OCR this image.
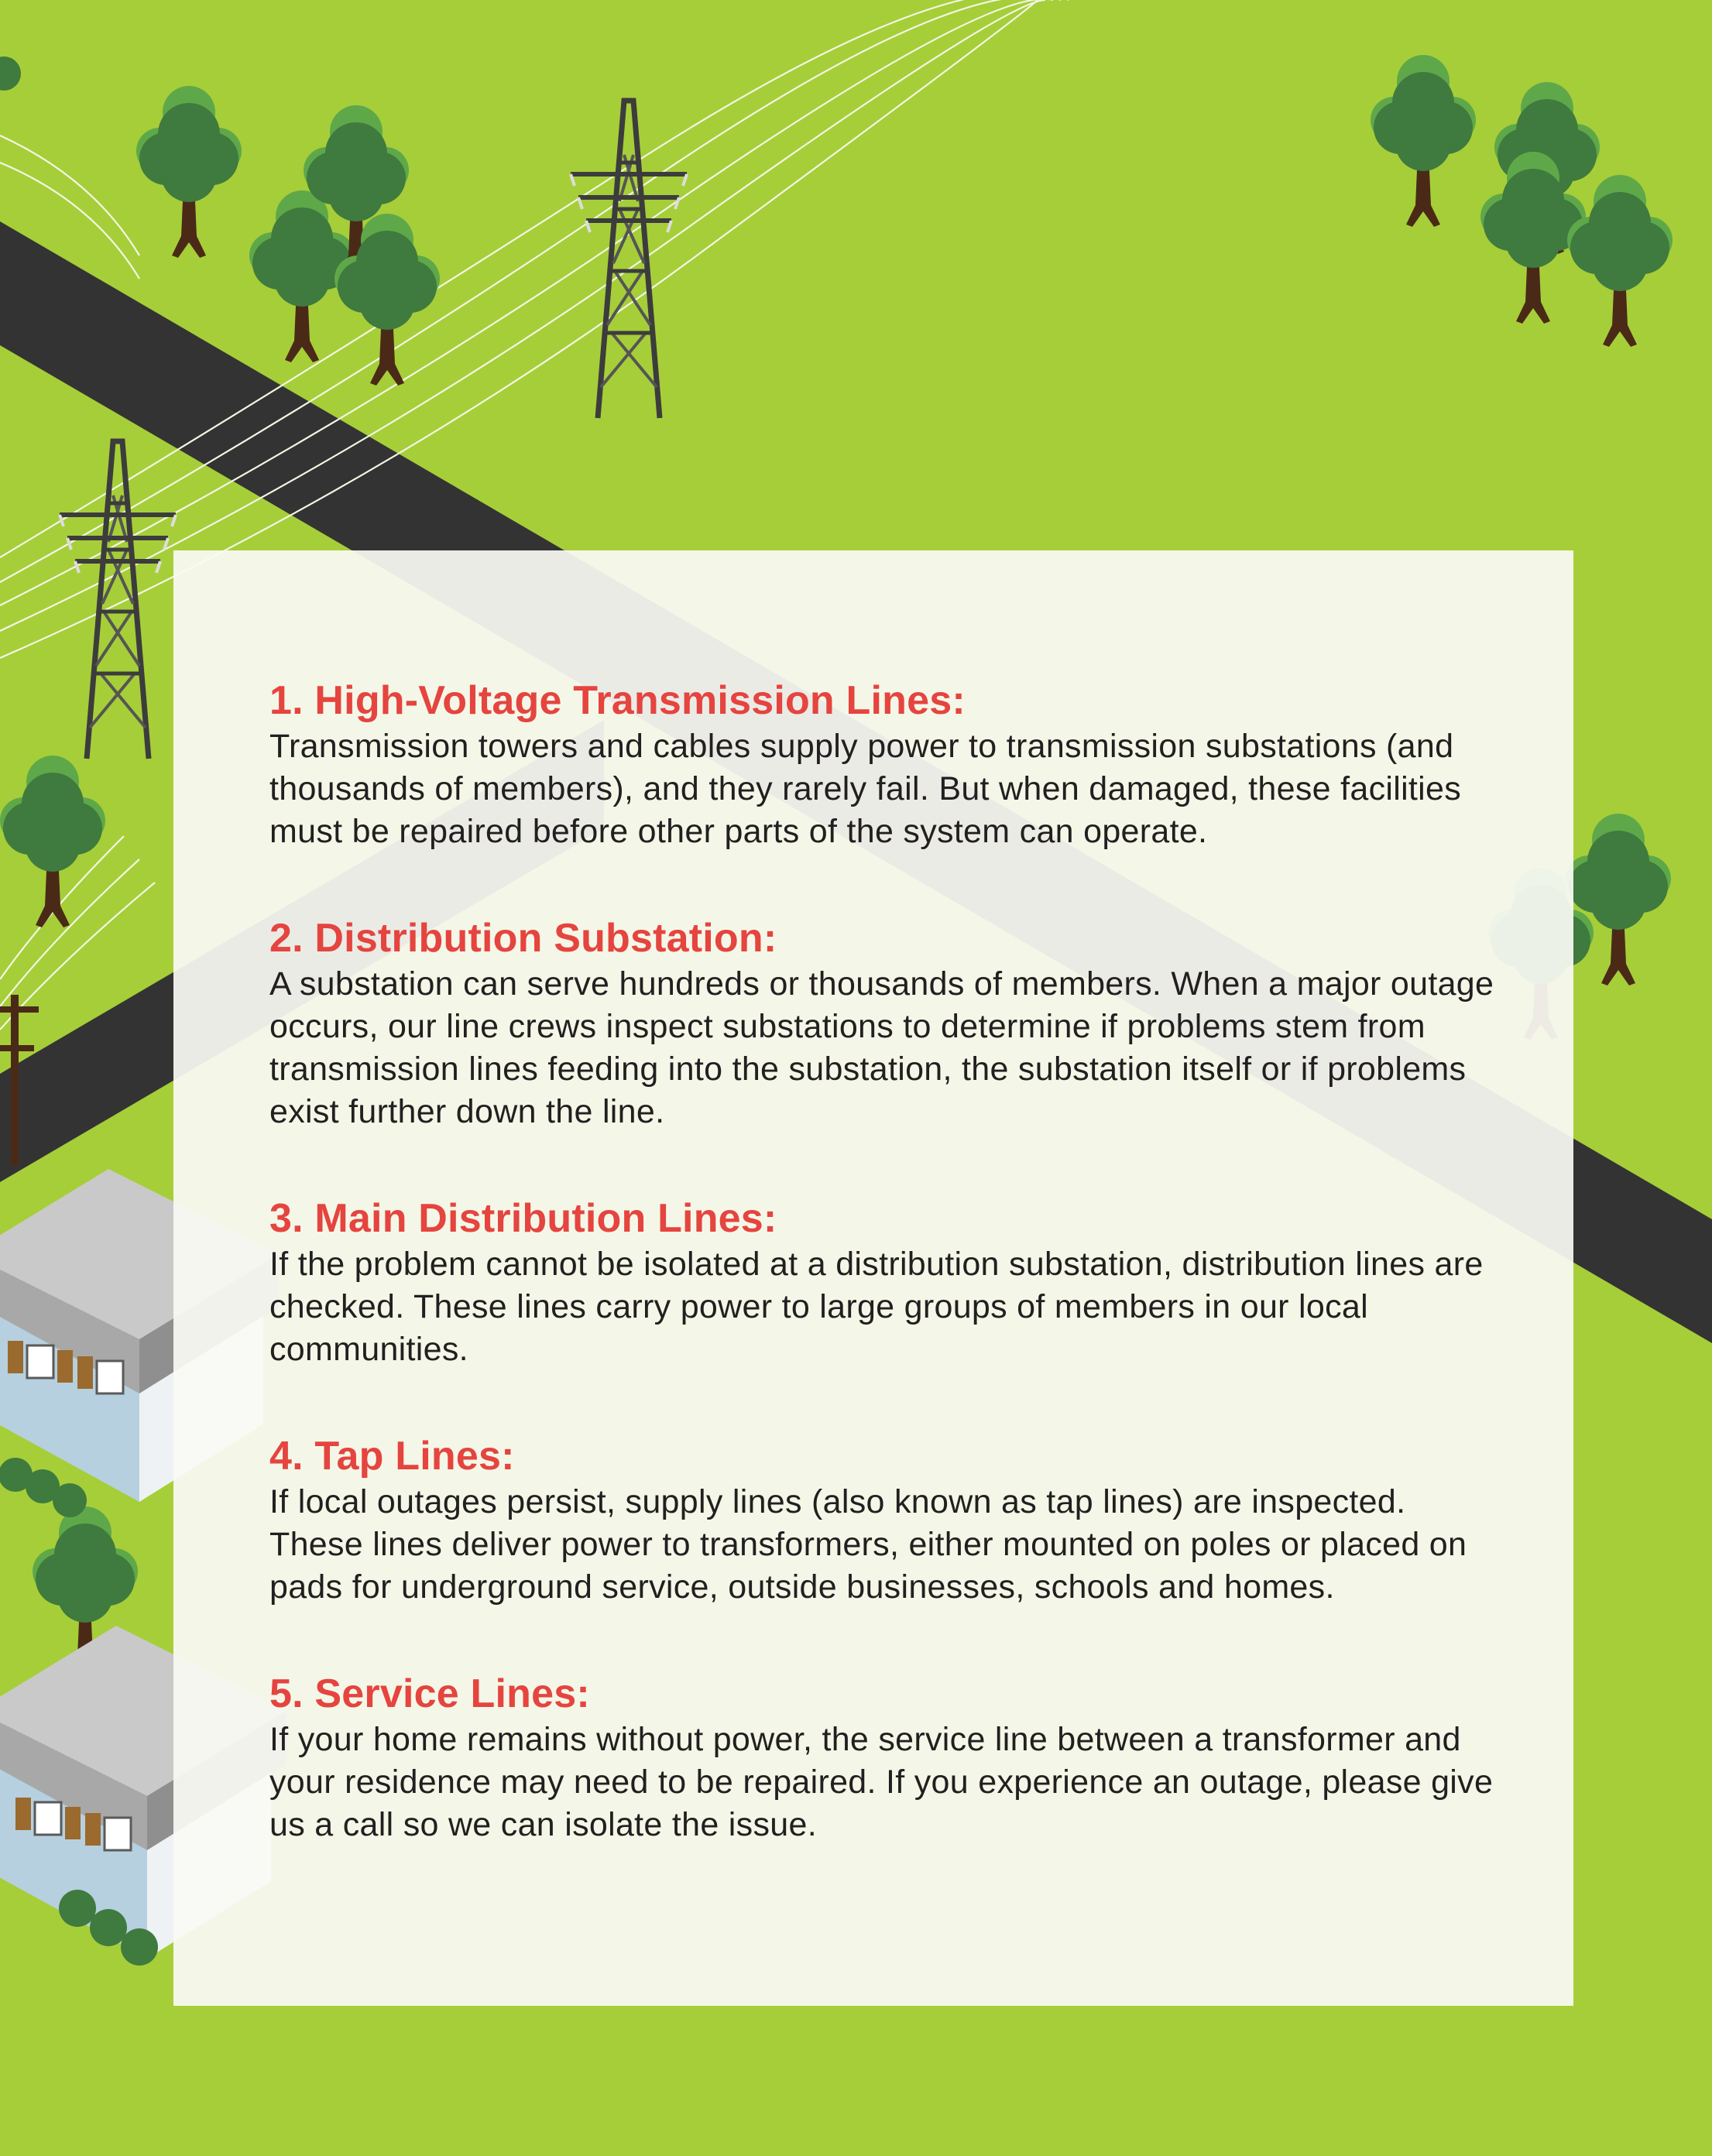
1. High-Voltage Transmission Lines:

Transmission towers and cables supply power to transmission substations (and thousands of members), and they rarely fail. But when damaged, these facilities must be repaired before other parts of the system can operate.

2. Distribution Substation:

A substation can serve hundreds or thousands of members. When a major outage occurs, our line crews inspect substations to determine if problems stem from transmission lines feeding into the substation, the substation itself or if problems exist further down the line.

3. Main Distribution Lines:

If the problem cannot be isolated at a distribution substation, distribution lines are checked. These lines carry power to large groups of members in our local communities.

4. Tap Lines:

If local outages persist, supply lines (also known as tap lines) are inspected. These lines deliver power to transformers, either mounted on poles or placed on pads for underground service, outside businesses, schools and homes.

5. Service Lines:

If your home remains without power, the service line between a transformer and your residence may need to be repaired. If you experience an outage, please give us a call so we can isolate the issue.
